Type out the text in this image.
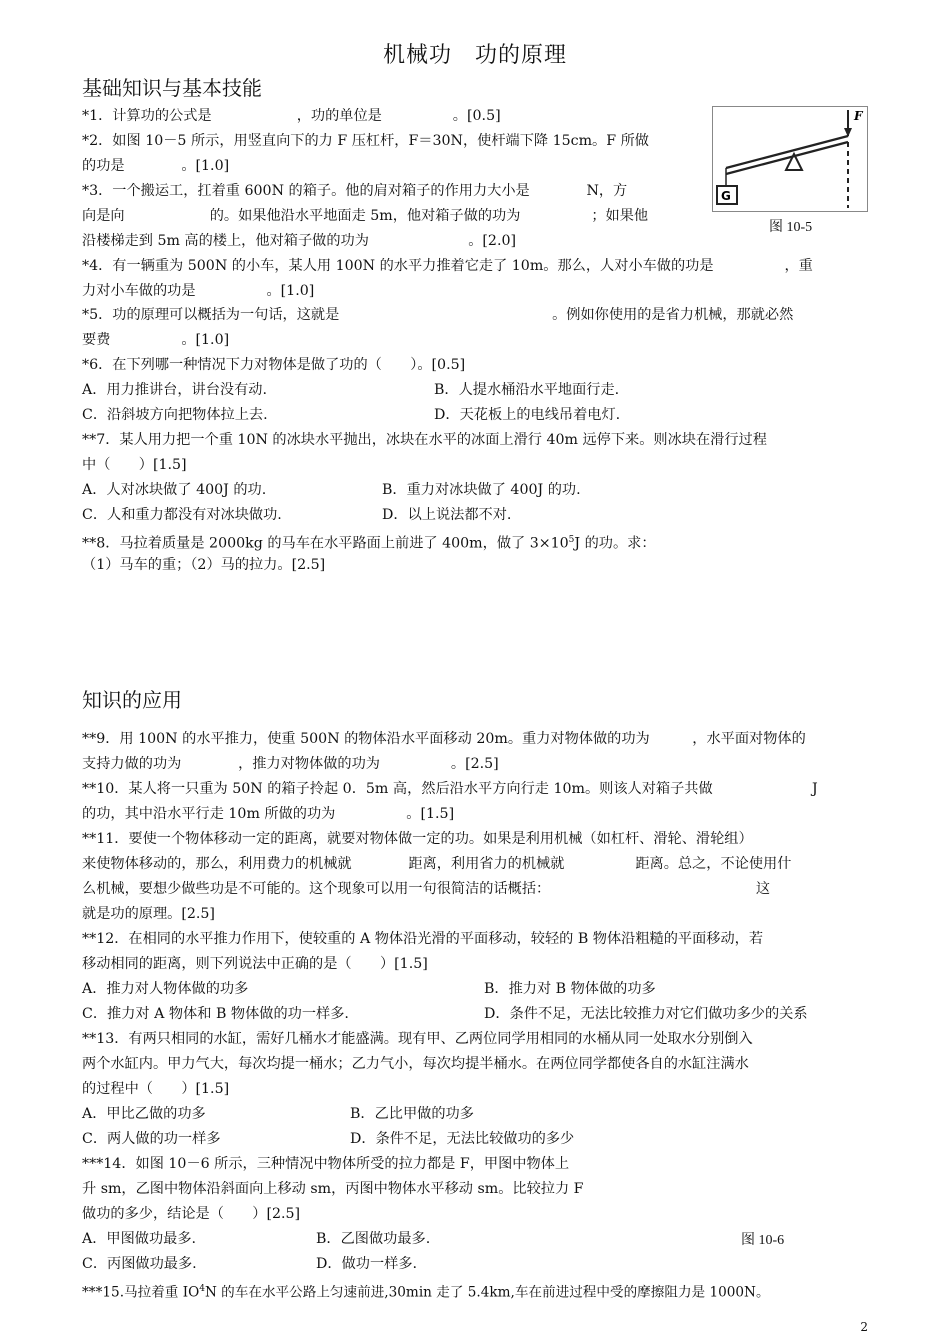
机械功　功的原理
基础知识与基本技能
G
F
图 10-5
*1．计算功的公式是　　　　　　，功的单位是　　　　　。[0.5]
*2．如图 10－5 所示，用竖直向下的力 F 压杠杆，F＝30N，使杆端下降 15cm。F 所做
的功是　　　　。[1.0]
*3．一个搬运工，扛着重 600N 的箱子。他的肩对箱子的作用力大小是　　　　N，方
向是向　　　　　　的。如果他沿水平地面走 5m，他对箱子做的功为　　　　　；如果他
沿楼梯走到 5m 高的楼上，他对箱子做的功为　　　　　　　。[2.0]
*4．有一辆重为 500N 的小车，某人用 100N 的水平力推着它走了 10m。那么，人对小车做的功是　　　　　，重
力对小车做的功是　　　　　。[1.0]
*5．功的原理可以概括为一句话，这就是　　　　　　　　　　　　　　　。例如你使用的是省力机械，那就必然
要费　　　　　。[1.0]
*6．在下列哪一种情况下力对物体是做了功的（　　）。[0.5]
A．用力推讲台，讲台没有动.	B．人提水桶沿水平地面行走.
C．沿斜坡方向把物体拉上去.	D．天花板上的电线吊着电灯.
**7．某人用力把一个重 10N 的冰块水平抛出，冰块在水平的冰面上滑行 40m 远停下来。则冰块在滑行过程
中（　　）[1.5]
A．人对冰块做了 400J 的功.	B．重力对冰块做了 400J 的功.
C．人和重力都没有对冰块做功.	D．以上说法都不对.
**8．马拉着质量是 2000kg 的马车在水平路面上前进了 400m，做了 $3\times 10^5J$ 的功。求：
（1）马车的重；（2）马的拉力。[2.5]
知识的应用
**9．用 100N 的水平推力，使重 500N 的物体沿水平面移动 20m。重力对物体做的功为　　　，水平面对物体的
支持力做的功为　　　　，推力对物体做的功为　　　　　。[2.5]
**10．某人将一只重为 50N 的箱子拎起 0．5m 高，然后沿水平方向行走 10m。则该人对箱子共做　　　　　　　J
的功，其中沿水平行走 10m 所做的功为　　　　　。[1.5]
**11．要使一个物体移动一定的距离，就要对物体做一定的功。如果是利用机械（如杠杆、滑轮、滑轮组）
来使物体移动的，那么，利用费力的机械就　　　　距离，利用省力的机械就　　　　　距离。总之，不论使用什
么机械，要想少做些功是不可能的。这个现象可以用一句很简洁的话概括：　　　　　　　　　　　　　　　这
就是功的原理。[2.5]
**12．在相同的水平推力作用下，使较重的 A 物体沿光滑的平面移动，较轻的 B 物体沿粗糙的平面移动，若
移动相同的距离，则下列说法中正确的是（　　）[1.5]
A．推力对人物体做的功多	B．推力对 B 物体做的功多
C．推力对 A 物体和 B 物体做的功一样多.	D．条件不足，无法比较推力对它们做功多少的关系
**13．有两只相同的水缸，需好几桶水才能盛满。现有甲、乙两位同学用相同的水桶从同一处取水分别倒入
两个水缸内。甲力气大，每次均提一桶水；乙力气小，每次均提半桶水。在两位同学都使各自的水缸注满水
的过程中（　　）[1.5]
A．甲比乙做的功多	B．乙比甲做的功多
C．两人做的功一样多	D．条件不足，无法比较做功的多少
***14．如图 10－6 所示，三种情况中物体所受的拉力都是 F，甲图中物体上
升 sm，乙图中物体沿斜面向上移动 sm，丙图中物体水平移动 sm。比较拉力 F
做功的多少，结论是（　　）[2.5]
A．甲图做功最多.	B．乙图做功最多.	图 10-6
C．丙图做功最多.	D．做功一样多.
***15.马拉着重 $IO^4N$ 的车在水平公路上匀速前进,30min 走了 5.4km,车在前进过程中受的摩擦阻力是 1000N。
2
